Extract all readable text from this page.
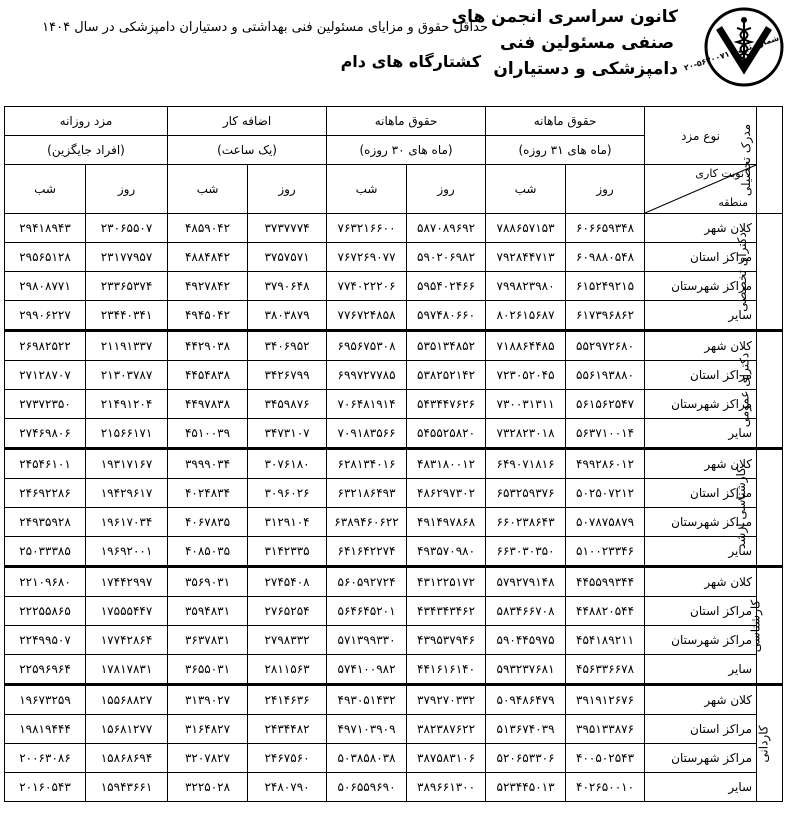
کانون سراسری انجمن های
صنفی مسئولین فنی
دامپزشکی و دستیاران شماره ثبت : ۵۶۳۰۰۷۱-۲۰
حداقل حقوق و مزایای مسئولین فنی بهداشتی و دستیاران دامپزشکی در سال ۱۴۰۴
کشتارگاه های دام
مدرک تحصیلی	نوع مزد	حقوق ماهانه		حقوق ماهانه		اضافه کار		مزد روزانه	
		(ماه های ۳۱ روزه)		(ماه های ۳۰ روزه)		(یک ساعت)		(افراد جایگزین)	

	نوبت کاری
منطقه	روز	شب	روز	شب	روز	شب	روز	شب
دکترای تخصصی	کلان شهر	۶۰۶۶۵۹۳۴۸	۷۸۸۶۵۷۱۵۳	۵۸۷۰۸۹۶۹۲	۷۶۳۲۱۶۶۰۰	۳۷۳۷۷۷۴	۴۸۵۹۰۴۲	۲۳۰۶۵۵۰۷	۲۹۴۱۸۹۴۳
	مراکز استان	۶۰۹۸۸۰۵۴۸	۷۹۲۸۴۴۷۱۳	۵۹۰۲۰۶۹۸۲	۷۶۷۲۶۹۰۷۷	۳۷۵۷۵۷۱	۴۸۸۴۸۴۲	۲۳۱۷۷۹۵۷	۲۹۵۶۵۱۲۸
	مراکز شهرستان	۶۱۵۲۴۹۲۱۵	۷۹۹۸۲۳۹۸۰	۵۹۵۴۰۲۴۶۶	۷۷۴۰۲۲۲۰۶	۳۷۹۰۶۴۸	۴۹۲۷۸۴۲	۲۳۳۶۵۳۷۴	۲۹۸۰۸۷۷۱
	سایر	۶۱۷۳۹۶۸۶۲	۸۰۲۶۱۵۶۸۷	۵۹۷۴۸۰۶۶۰	۷۷۶۷۲۴۸۵۸	۳۸۰۳۸۷۹	۴۹۴۵۰۴۲	۲۳۴۴۰۳۴۱	۲۹۹۰۶۲۲۷
دکترای عمومی	کلان شهر	۵۵۲۹۷۲۶۸۰	۷۱۸۸۶۴۴۸۵	۵۳۵۱۳۴۸۵۲	۶۹۵۶۷۵۳۰۸	۳۴۰۶۹۵۲	۴۴۲۹۰۳۸	۲۱۱۹۱۳۳۷	۲۶۹۸۲۵۲۲
	مراکز استان	۵۵۶۱۹۳۸۸۰	۷۲۳۰۵۲۰۴۵	۵۳۸۲۵۲۱۴۲	۶۹۹۷۲۷۷۸۵	۳۴۲۶۷۹۹	۴۴۵۴۸۳۸	۲۱۳۰۳۷۸۷	۲۷۱۲۸۷۰۷
	مراکز شهرستان	۵۶۱۵۶۲۵۴۷	۷۳۰۰۳۱۳۱۱	۵۴۳۴۴۷۶۲۶	۷۰۶۴۸۱۹۱۴	۳۴۵۹۸۷۶	۴۴۹۷۸۳۸	۲۱۴۹۱۲۰۴	۲۷۳۷۲۳۵۰
	سایر	۵۶۳۷۱۰۰۱۴	۷۳۲۸۲۳۰۱۸	۵۴۵۵۲۵۸۲۰	۷۰۹۱۸۳۵۶۶	۳۴۷۳۱۰۷	۴۵۱۰۰۳۹	۲۱۵۶۶۱۷۱	۲۷۴۶۹۸۰۶
کارشناسی ارشد	کلان شهر	۴۹۹۲۸۶۰۱۲	۶۴۹۰۷۱۸۱۶	۴۸۳۱۸۰۰۱۲	۶۲۸۱۳۴۰۱۶	۳۰۷۶۱۸۰	۳۹۹۹۰۳۴	۱۹۳۱۷۱۶۷	۲۴۵۴۶۱۰۱
	مراکز استان	۵۰۲۵۰۷۲۱۲	۶۵۳۲۵۹۳۷۶	۴۸۶۲۹۷۳۰۲	۶۳۲۱۸۶۴۹۳	۳۰۹۶۰۲۶	۴۰۲۴۸۳۴	۱۹۴۲۹۶۱۷	۲۴۶۹۲۲۸۶
	مراکز شهرستان	۵۰۷۸۷۵۸۷۹	۶۶۰۲۳۸۶۴۳	۴۹۱۴۹۷۸۶۸	۶۳۸۹۴۶۰۶۲۲	۳۱۲۹۱۰۴	۴۰۶۷۸۳۵	۱۹۶۱۷۰۳۴	۲۴۹۳۵۹۲۸
	سایر	۵۱۰۰۲۳۳۴۶	۶۶۳۰۳۰۳۵۰	۴۹۳۵۷۰۹۸۰	۶۴۱۶۴۲۲۷۴	۳۱۴۲۳۳۵	۴۰۸۵۰۳۵	۱۹۶۹۲۰۰۱	۲۵۰۳۳۳۸۵
کارشناسی	کلان شهر	۴۴۵۵۹۹۳۴۴	۵۷۹۲۷۹۱۴۸	۴۳۱۲۲۵۱۷۲	۵۶۰۵۹۲۷۲۴	۲۷۴۵۴۰۸	۳۵۶۹۰۳۱	۱۷۴۴۲۹۹۷	۲۲۱۰۹۶۸۰
	مراکز استان	۴۴۸۸۲۰۵۴۴	۵۸۳۴۶۶۷۰۸	۴۳۴۳۴۳۴۶۲	۵۶۴۶۴۵۲۰۱	۲۷۶۵۲۵۴	۳۵۹۴۸۳۱	۱۷۵۵۵۴۴۷	۲۲۲۵۵۸۶۵
	مراکز شهرستان	۴۵۴۱۸۹۲۱۱	۵۹۰۴۴۵۹۷۵	۴۳۹۵۳۷۹۴۶	۵۷۱۳۹۹۳۳۰	۲۷۹۸۳۳۲	۳۶۳۷۸۳۱	۱۷۷۴۲۸۶۴	۲۲۴۹۹۵۰۷
	سایر	۴۵۶۳۳۶۶۷۸	۵۹۳۲۳۷۶۸۱	۴۴۱۶۱۶۱۴۰	۵۷۴۱۰۰۹۸۲	۲۸۱۱۵۶۳	۳۶۵۵۰۳۱	۱۷۸۱۷۸۳۱	۲۲۵۹۶۹۶۴
کاردانی	کلان شهر	۳۹۱۹۱۲۶۷۶	۵۰۹۴۸۶۴۷۹	۳۷۹۲۷۰۳۳۲	۴۹۳۰۵۱۴۳۲	۲۴۱۴۶۳۶	۳۱۳۹۰۲۷	۱۵۵۶۸۸۲۷	۱۹۶۷۳۲۵۹
	مراکز استان	۳۹۵۱۳۳۸۷۶	۵۱۳۶۷۴۰۳۹	۳۸۲۳۸۷۶۲۲	۴۹۷۱۰۳۹۰۹	۲۴۳۴۴۸۲	۳۱۶۴۸۲۷	۱۵۶۸۱۲۷۷	۱۹۸۱۹۴۴۴
	مراکز شهرستان	۴۰۰۵۰۲۵۴۳	۵۲۰۶۵۳۳۰۶	۳۸۷۵۸۳۱۰۶	۵۰۳۸۵۸۰۳۸	۲۴۶۷۵۶۰	۳۲۰۷۸۲۷	۱۵۸۶۸۶۹۴	۲۰۰۶۳۰۸۶
	سایر	۴۰۲۶۵۰۰۱۰	۵۲۳۴۴۵۰۱۳	۳۸۹۶۶۱۳۰۰	۵۰۶۵۵۹۶۹۰	۲۴۸۰۷۹۰	۳۲۲۵۰۲۸	۱۵۹۴۳۶۶۱	۲۰۱۶۰۵۴۳
